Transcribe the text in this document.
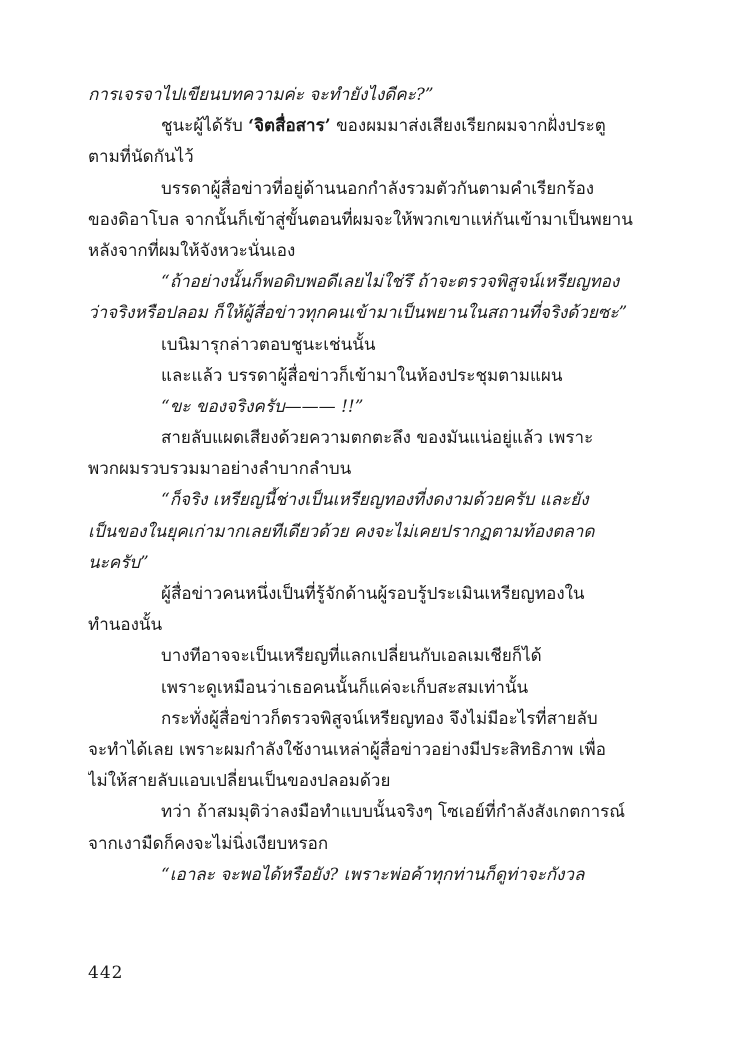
การเจรจาไปเขียนบทความค่ะ จะทำยังไงดีคะ?”
ชูนะผู้ได้รับ ‘จิตสื่อสาร’ ของผมมาส่งเสียงเรียกผมจากฝั่งประตู
ตามที่นัดกันไว้
บรรดาผู้สื่อข่าวที่อยู่ด้านนอกกำลังรวมตัวกันตามคำเรียกร้อง
ของดิอาโบล จากนั้นก็เข้าสู่ขั้นตอนที่ผมจะให้พวกเขาแห่กันเข้ามาเป็นพยาน
หลังจากที่ผมให้จังหวะนั่นเอง
“ถ้าอย่างนั้นก็พอดิบพอดีเลยไม่ใช่รึ ถ้าจะตรวจพิสูจน์เหรียญทอง
ว่าจริงหรือปลอม ก็ให้ผู้สื่อข่าวทุกคนเข้ามาเป็นพยานในสถานที่จริงด้วยซะ”
เบนิมารุกล่าวตอบชูนะเช่นนั้น
และแล้ว บรรดาผู้สื่อข่าวก็เข้ามาในห้องประชุมตามแผน
“ขะ ของจริงครับ——— !!”
สายลับแผดเสียงด้วยความตกตะลึง ของมันแน่อยู่แล้ว เพราะ
พวกผมรวบรวมมาอย่างลำบากลำบน
“ก็จริง เหรียญนี้ช่างเป็นเหรียญทองที่งดงามด้วยครับ และยัง
เป็นของในยุคเก่ามากเลยทีเดียวด้วย คงจะไม่เคยปรากฏตามท้องตลาด
นะครับ”
ผู้สื่อข่าวคนหนึ่งเป็นที่รู้จักด้านผู้รอบรู้ประเมินเหรียญทองใน
ทำนองนั้น
บางทีอาจจะเป็นเหรียญที่แลกเปลี่ยนกับเอลเมเชียก็ได้
เพราะดูเหมือนว่าเธอคนนั้นก็แค่จะเก็บสะสมเท่านั้น
กระทั่งผู้สื่อข่าวก็ตรวจพิสูจน์เหรียญทอง จึงไม่มีอะไรที่สายลับ
จะทำได้เลย เพราะผมกำลังใช้งานเหล่าผู้สื่อข่าวอย่างมีประสิทธิภาพ เพื่อ
ไม่ให้สายลับแอบเปลี่ยนเป็นของปลอมด้วย
ทว่า ถ้าสมมุติว่าลงมือทำแบบนั้นจริงๆ โซเอย์ที่กำลังสังเกตการณ์
จากเงามืดก็คงจะไม่นิ่งเงียบหรอก
“เอาละ จะพอได้หรือยัง? เพราะพ่อค้าทุกท่านก็ดูท่าจะกังวล
442
